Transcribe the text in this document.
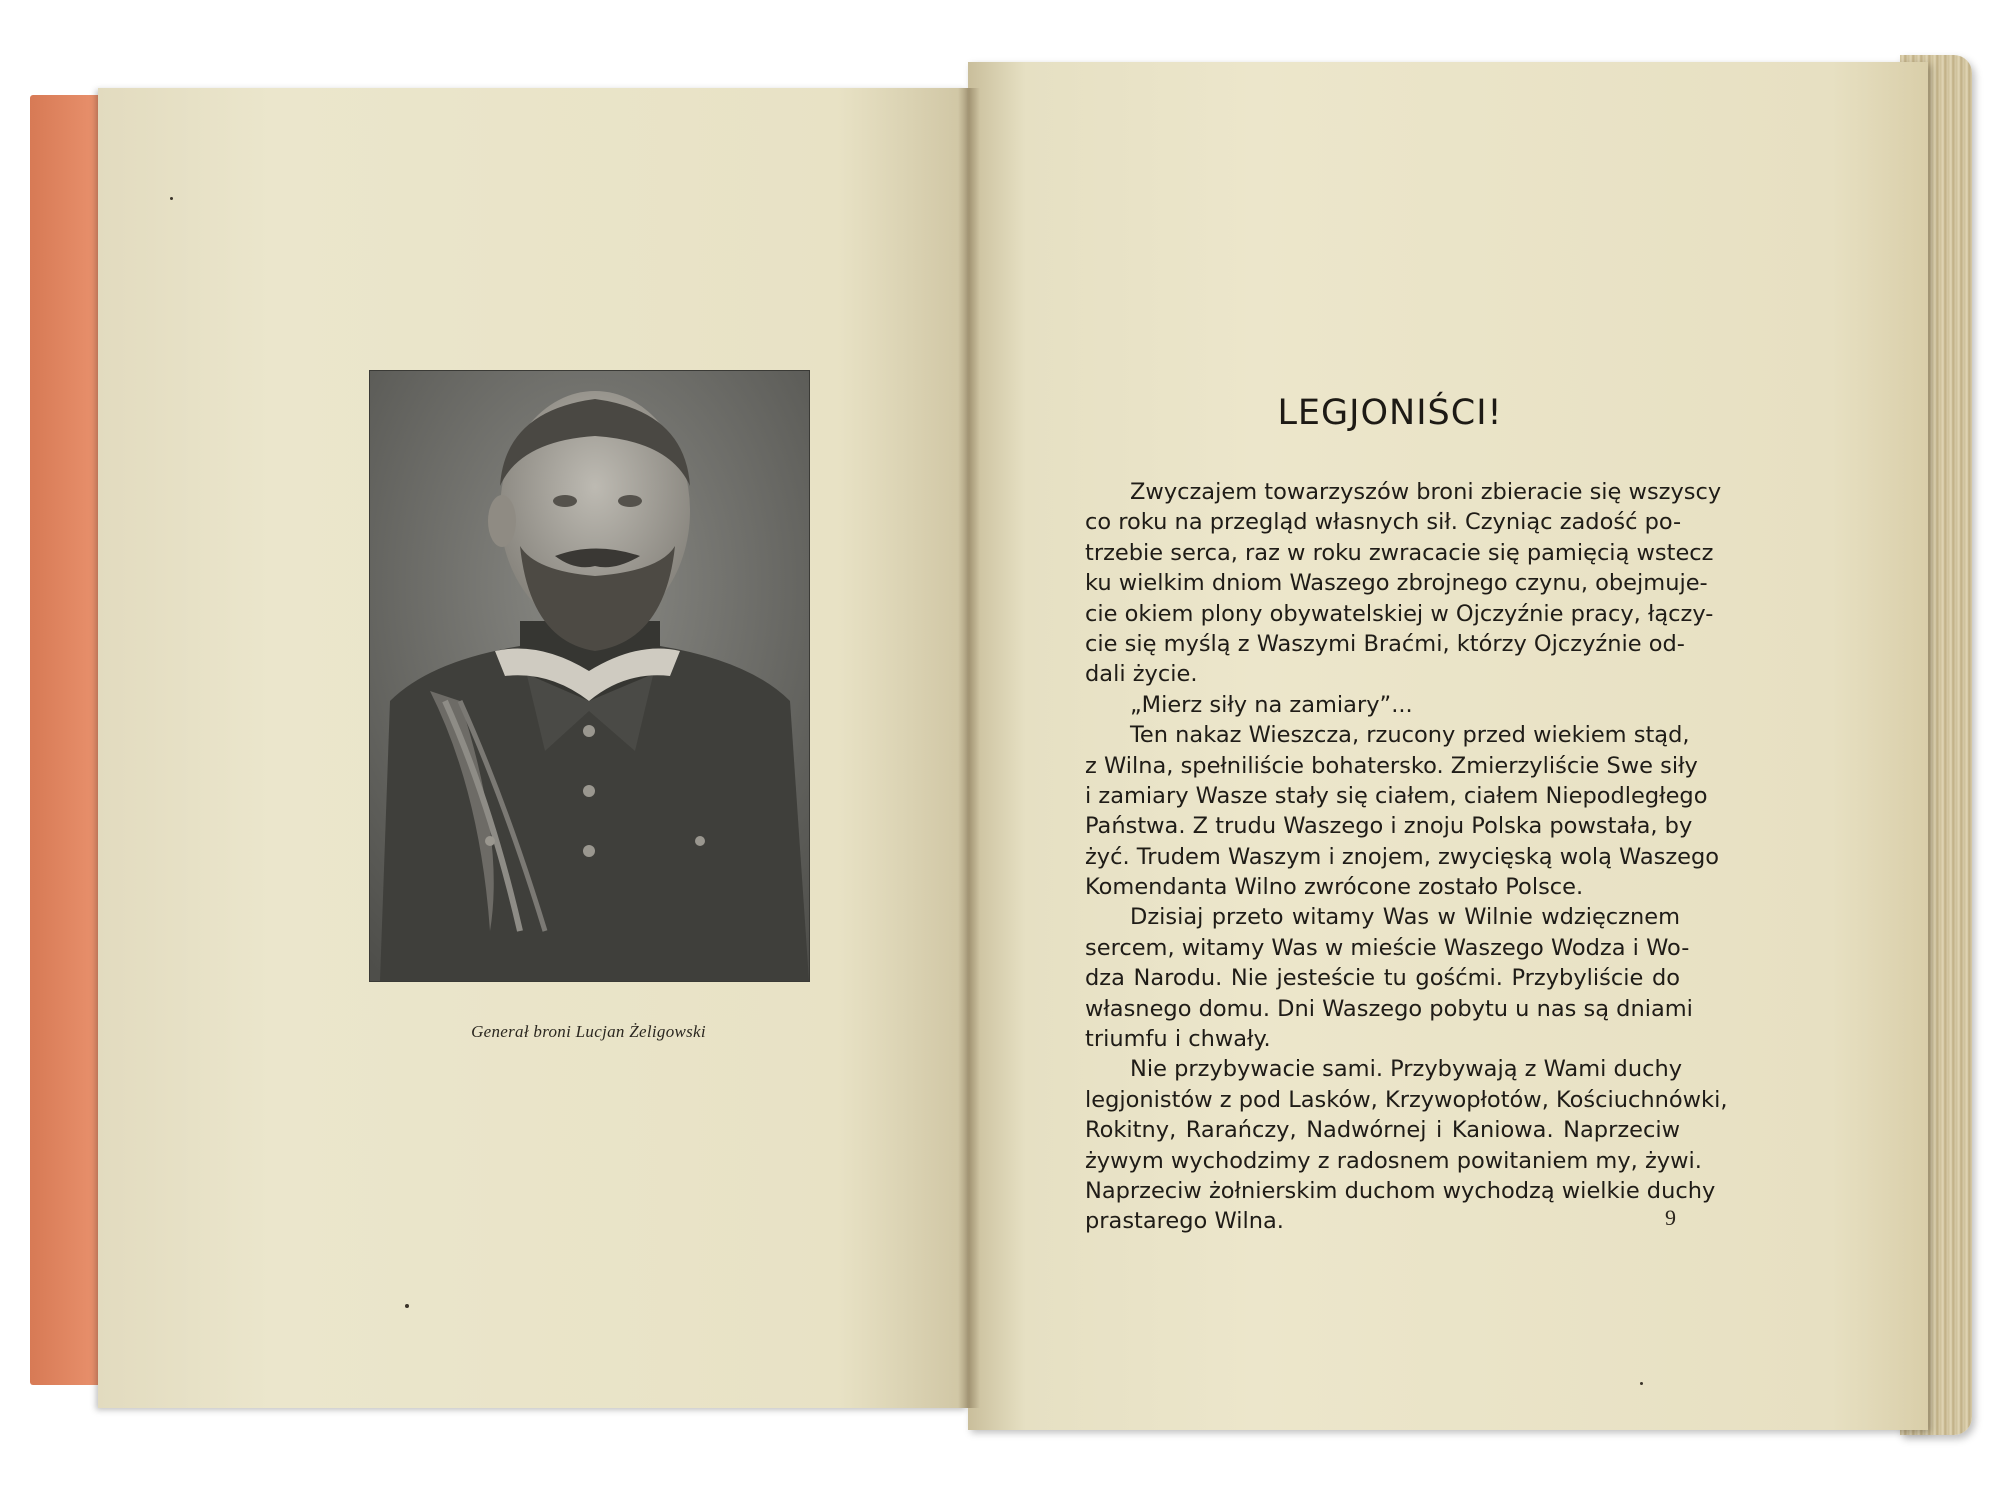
Generał broni Lucjan Żeligowski
LEGJONIŚCI!
Zwyczajem towarzyszów broni zbieracie się wszyscy
co roku na przegląd własnych sił. Czyniąc zadość po-
trzebie serca, raz w roku zwracacie się pamięcią wstecz
ku wielkim dniom Waszego zbrojnego czynu, obejmuje-
cie okiem plony obywatelskiej w Ojczyźnie pracy, łączy-
cie się myślą z Waszymi Braćmi, którzy Ojczyźnie od-
dali życie.
„Mierz siły na zamiary”...
Ten nakaz Wieszcza, rzucony przed wiekiem stąd,
z Wilna, spełniliście bohatersko. Zmierzyliście Swe siły
i zamiary Wasze stały się ciałem, ciałem Niepodległego
Państwa. Z trudu Waszego i znoju Polska powstała, by
żyć. Trudem Waszym i znojem, zwycięską wolą Waszego
Komendanta Wilno zwrócone zostało Polsce.
Dzisiaj przeto witamy Was w Wilnie wdzięcznem
sercem, witamy Was w mieście Waszego Wodza i Wo-
dza Narodu. Nie jesteście tu gośćmi. Przybyliście do
własnego domu. Dni Waszego pobytu u nas są dniami
triumfu i chwały.
Nie przybywacie sami. Przybywają z Wami duchy
legjonistów z pod Lasków, Krzywopłotów, Kościuchnówki,
Rokitny, Rarańczy, Nadwórnej i Kaniowa. Naprzeciw
żywym wychodzimy z radosnem powitaniem my, żywi.
Naprzeciw żołnierskim duchom wychodzą wielkie duchy
prastarego Wilna.	9
